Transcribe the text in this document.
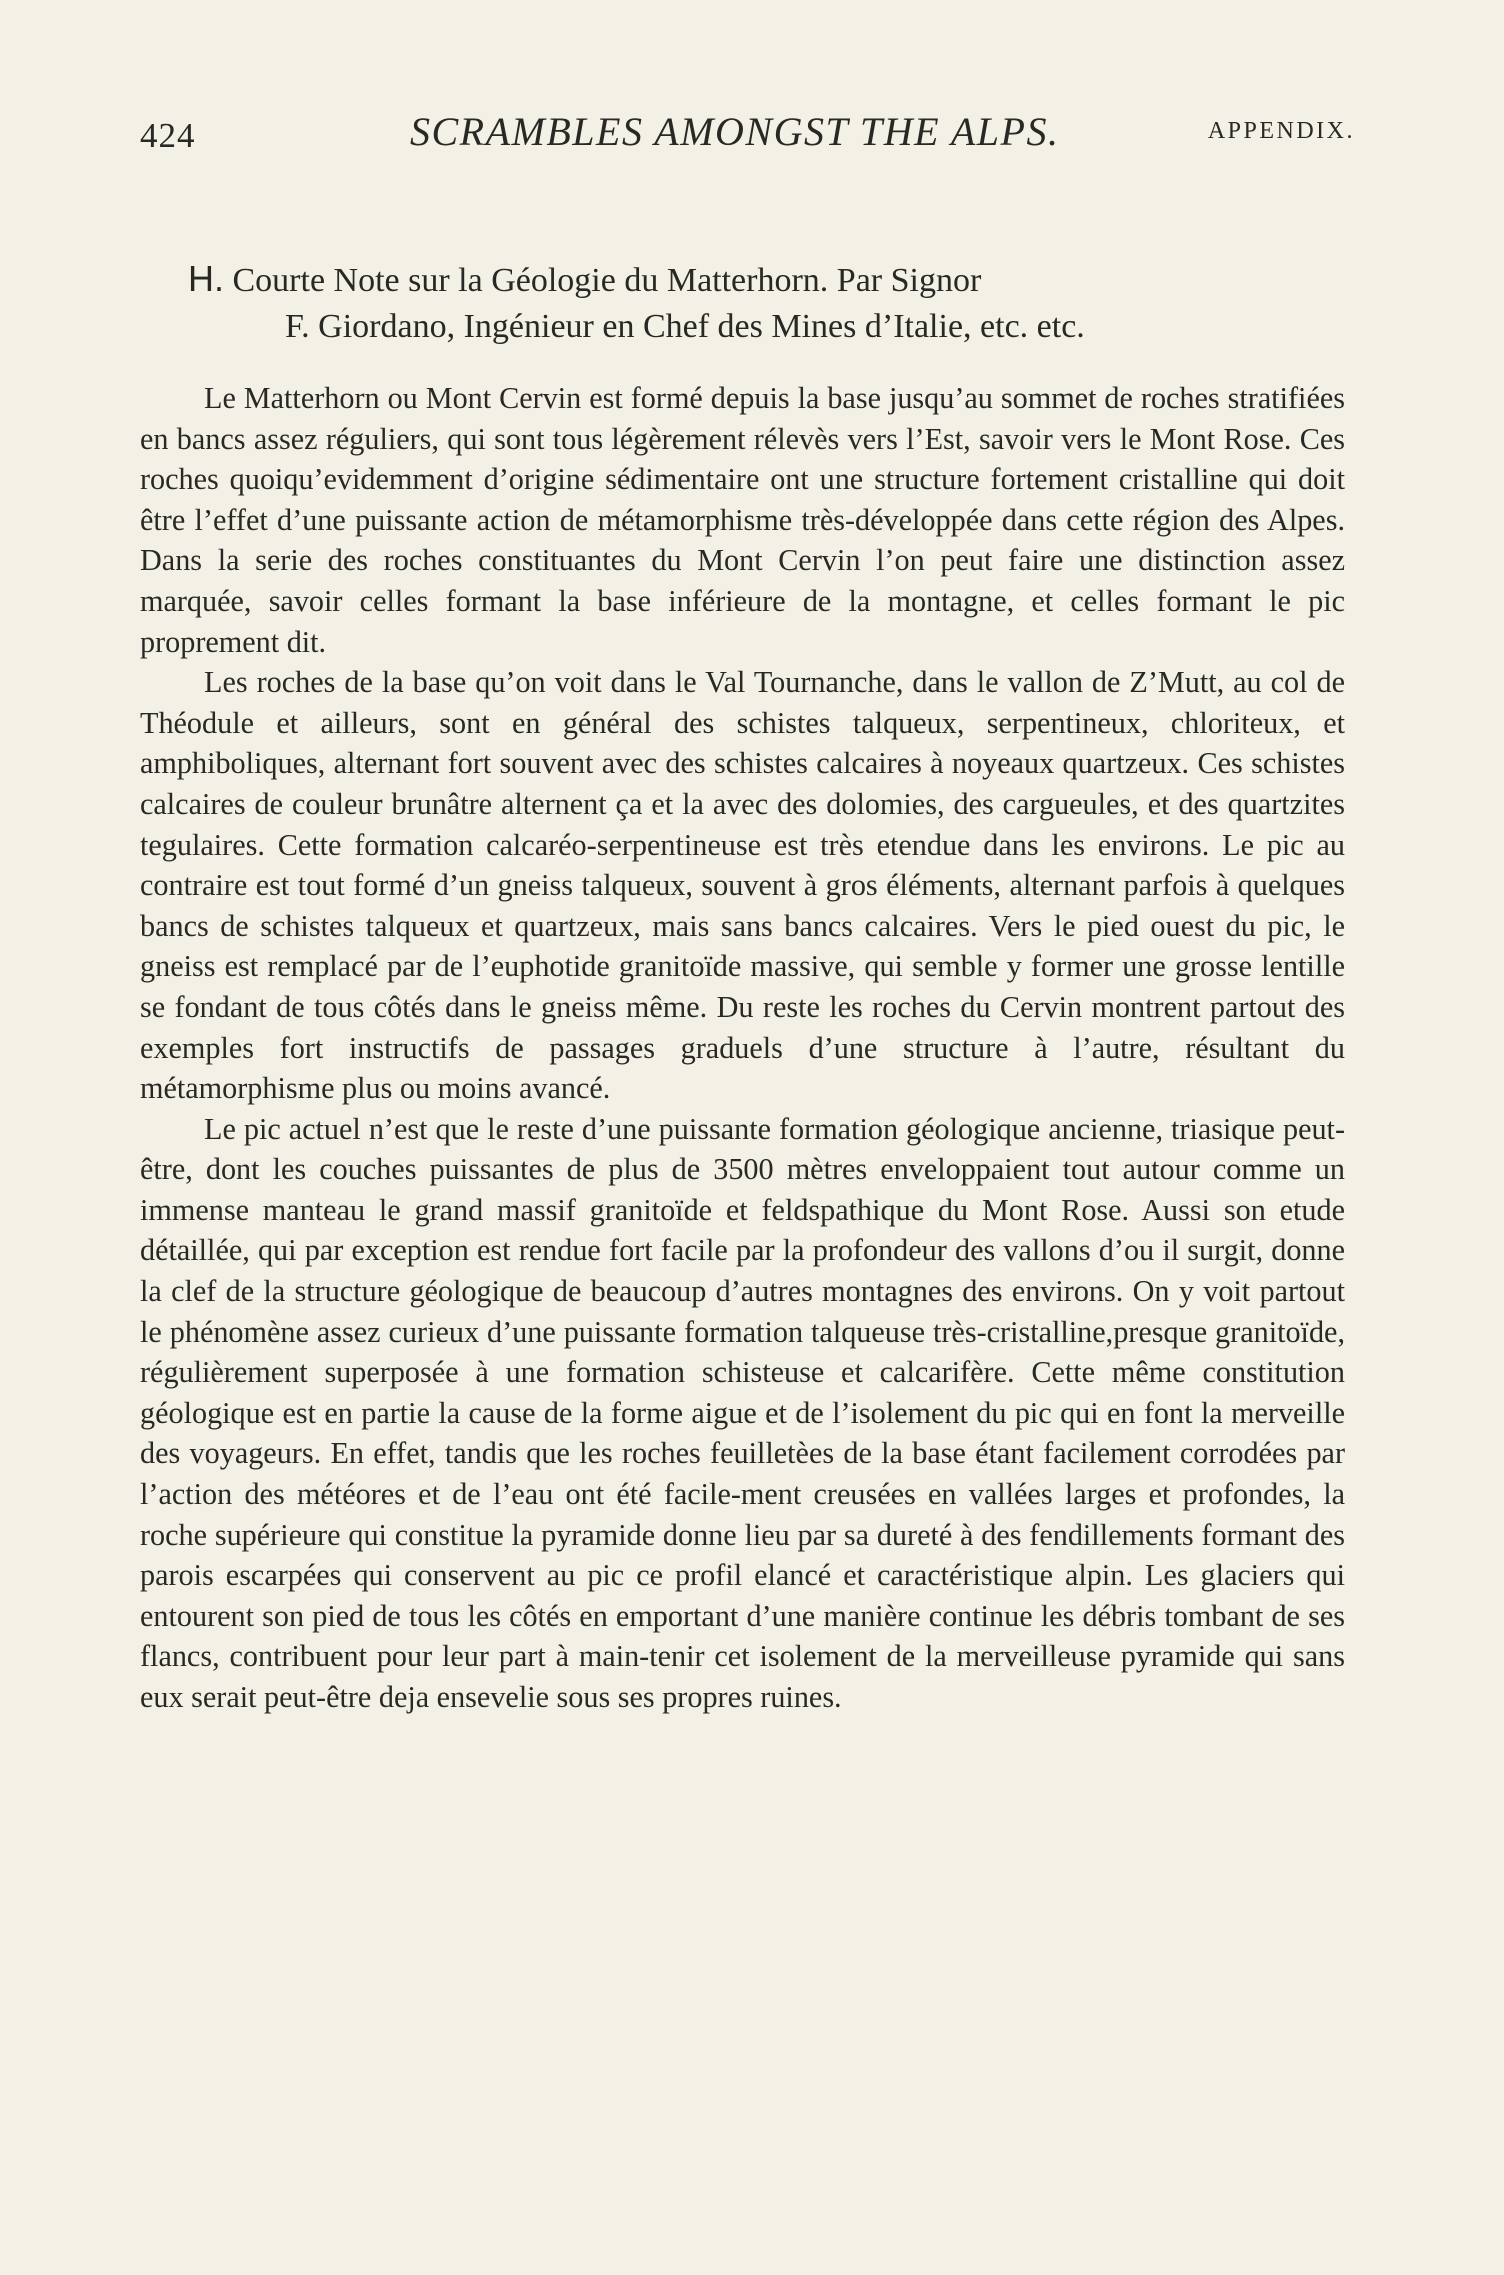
424	SCRAMBLES AMONGST THE ALPS.	APPENDIX.
H. Courte Note sur la Géologie du Matterhorn. Par Signor
F. Giordano, Ingénieur en Chef des Mines d’Italie, etc. etc.

Le Matterhorn ou Mont Cervin est formé depuis la base jusqu’au sommet de roches stratifiées en bancs assez réguliers, qui sont tous légèrement rélevès vers l’Est, savoir vers le Mont Rose. Ces roches quoiqu’evidemment d’origine sédimentaire ont une structure fortement cristalline qui doit être l’effet d’une puissante action de métamorphisme très-développée dans cette région des Alpes. Dans la serie des roches constituantes du Mont Cervin l’on peut faire une distinction assez marquée, savoir celles formant la base inférieure de la montagne, et celles formant le pic proprement dit.

Les roches de la base qu’on voit dans le Val Tournanche, dans le vallon de Z’Mutt, au col de Théodule et ailleurs, sont en général des schistes talqueux, serpentineux, chloriteux, et amphiboliques, alternant fort souvent avec des schistes calcaires à noyeaux quartzeux. Ces schistes calcaires de couleur brunâtre alternent ça et la avec des dolomies, des cargueules, et des quartzites tegulaires. Cette formation calcaréo-serpentineuse est très etendue dans les environs. Le pic au contraire est tout formé d’un gneiss talqueux, souvent à gros éléments, alternant parfois à quelques bancs de schistes talqueux et quartzeux, mais sans bancs calcaires. Vers le pied ouest du pic, le gneiss est remplacé par de l’euphotide granitoïde massive, qui semble y former une grosse lentille se fondant de tous côtés dans le gneiss même. Du reste les roches du Cervin montrent partout des exemples fort instructifs de passages graduels d’une structure à l’autre, résultant du métamorphisme plus ou moins avancé.

Le pic actuel n’est que le reste d’une puissante formation géologique ancienne, triasique peut-être, dont les couches puissantes de plus de 3500 mètres enveloppaient tout autour comme un immense manteau le grand massif granitoïde et feldspathique du Mont Rose. Aussi son etude détaillée, qui par exception est rendue fort facile par la profondeur des vallons d’ou il surgit, donne la clef de la structure géologique de beaucoup d’autres montagnes des environs. On y voit partout le phénomène assez curieux d’une puissante formation talqueuse très-cristalline,presque granitoïde, régulièrement superposée à une formation schisteuse et calcarifère. Cette même constitution géologique est en partie la cause de la forme aigue et de l’isolement du pic qui en font la merveille des voyageurs. En effet, tandis que les roches feuilletèes de la base étant facilement corrodées par l’action des météores et de l’eau ont été facile-ment creusées en vallées larges et profondes, la roche supérieure qui constitue la pyramide donne lieu par sa dureté à des fendillements formant des parois escarpées qui conservent au pic ce profil elancé et caractéristique alpin. Les glaciers qui entourent son pied de tous les côtés en emportant d’une manière continue les débris tombant de ses flancs, contribuent pour leur part à main-tenir cet isolement de la merveilleuse pyramide qui sans eux serait peut-être deja ensevelie sous ses propres ruines.
